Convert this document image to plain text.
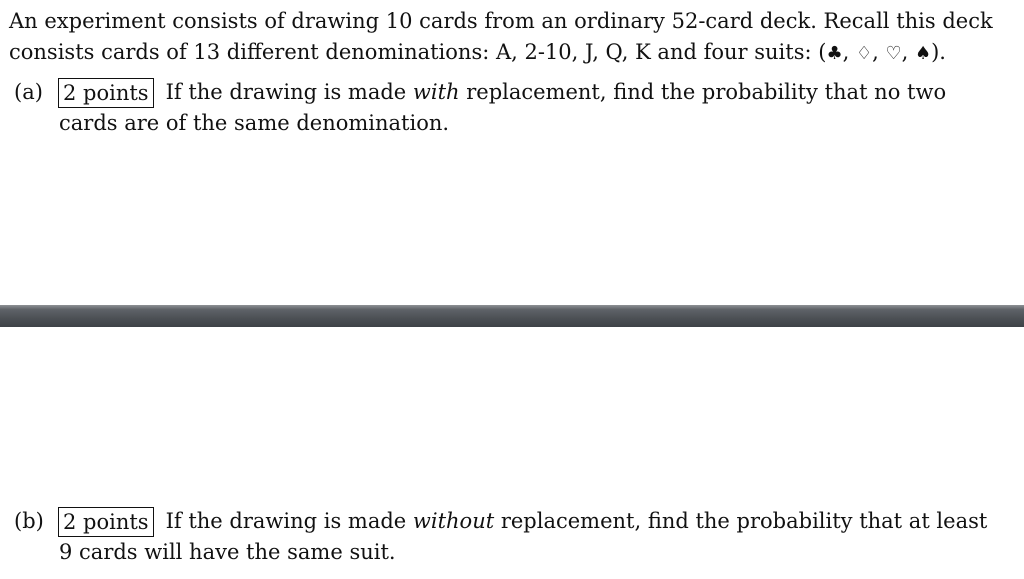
An experiment consists of drawing 10 cards from an ordinary 52-card deck. Recall this deck
consists cards of 13 different denominations: A, 2-10, J, Q, K and four suits: (♣, ♢, ♡, ♠).
(a) 2 points If the drawing is made with replacement, find the probability that no two
cards are of the same denomination.
(b) 2 points If the drawing is made without replacement, find the probability that at least
9 cards will have the same suit.
